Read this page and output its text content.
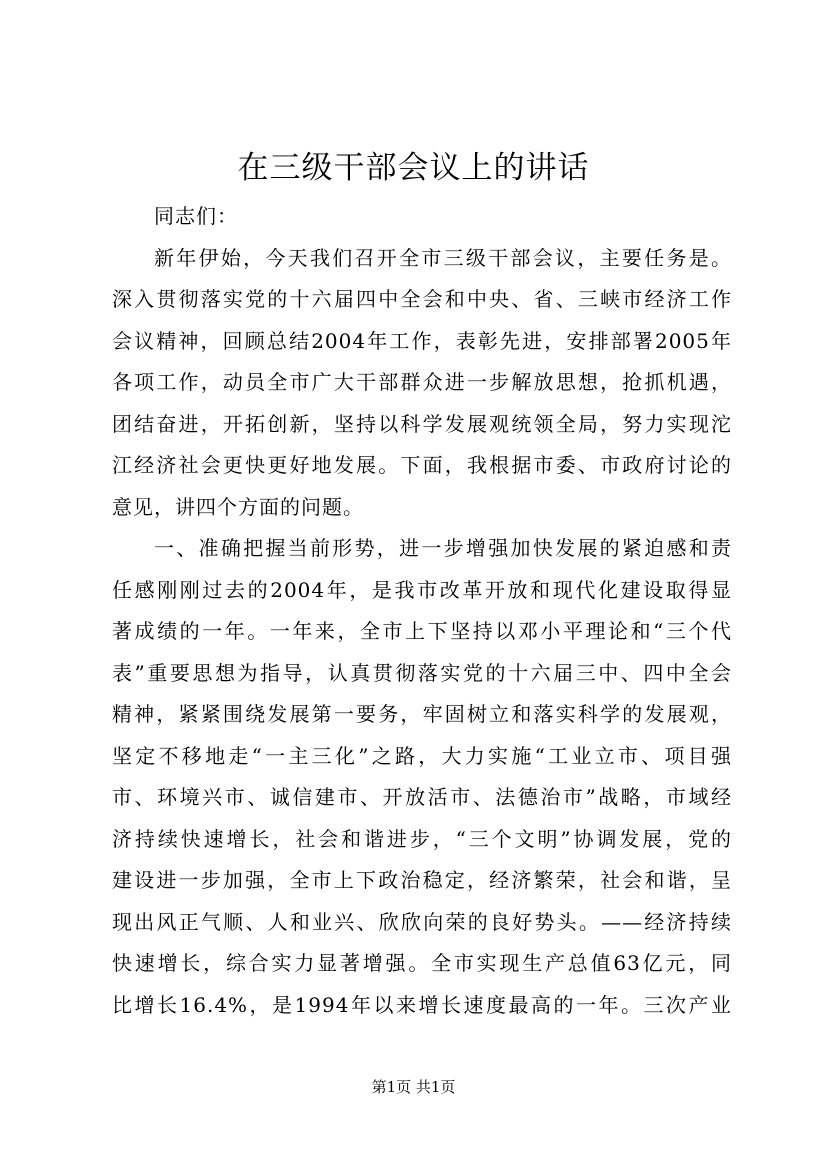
在三级干部会议上的讲话
同志们：
新年伊始，今天我们召开全市三级干部会议，主要任务是。
深入贯彻落实党的十六届四中全会和中央、省、三峡市经济工作
会议精神，回顾总结2004年工作，表彰先进，安排部署2005年
各项工作，动员全市广大干部群众进一步解放思想，抢抓机遇，
团结奋进，开拓创新，坚持以科学发展观统领全局，努力实现沱
江经济社会更快更好地发展。下面，我根据市委、市政府讨论的
意见，讲四个方面的问题。
一、准确把握当前形势，进一步增强加快发展的紧迫感和责
任感刚刚过去的2004年，是我市改革开放和现代化建设取得显
著成绩的一年。一年来，全市上下坚持以邓小平理论和“三个代
表”重要思想为指导，认真贯彻落实党的十六届三中、四中全会
精神，紧紧围绕发展第一要务，牢固树立和落实科学的发展观，
坚定不移地走“一主三化”之路，大力实施“工业立市、项目强
市、环境兴市、诚信建市、开放活市、法德治市”战略，市域经
济持续快速增长，社会和谐进步，“三个文明”协调发展，党的
建设进一步加强，全市上下政治稳定，经济繁荣，社会和谐，呈
现出风正气顺、人和业兴、欣欣向荣的良好势头。——经济持续
快速增长，综合实力显著增强。全市实现生产总值63亿元，同
比增长16.4%，是1994年以来增长速度最高的一年。三次产业
第1页 共1页
